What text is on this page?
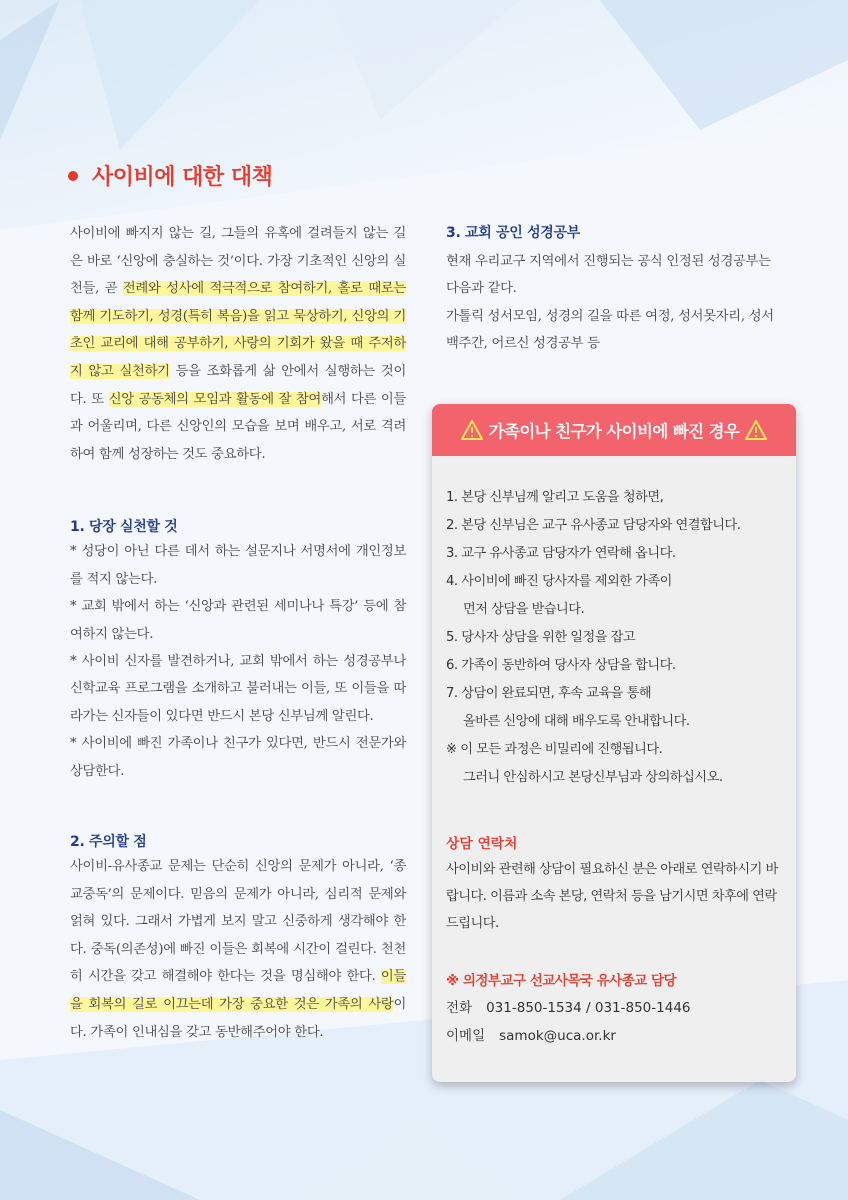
사이비에 대한 대책

사이비에 빠지지 않는 길, 그들의 유혹에 걸려들지 않는 길은 바로 ‘신앙에 충실하는 것’이다. 가장 기초적인 신앙의 실천들, 곧 전례와 성사에 적극적으로 참여하기, 홀로 때로는 함께 기도하기, 성경(특히 복음)을 읽고 묵상하기, 신앙의 기초인 교리에 대해 공부하기, 사랑의 기회가 왔을 때 주저하지 않고 실천하기 등을 조화롭게 삶 안에서 실행하는 것이다. 또 신앙 공동체의 모임과 활동에 잘 참여해서 다른 이들과 어울리며, 다른 신앙인의 모습을 보며 배우고, 서로 격려하여 함께 성장하는 것도 중요하다.

1. 당장 실천할 것

* 성당이 아닌 다른 데서 하는 설문지나 서명서에 개인정보를 적지 않는다.

* 교회 밖에서 하는 ‘신앙과 관련된 세미나나 특강’ 등에 참여하지 않는다.

* 사이비 신자를 발견하거나, 교회 밖에서 하는 성경공부나 신학교육 프로그램을 소개하고 불러내는 이들, 또 이들을 따라가는 신자들이 있다면 반드시 본당 신부님께 알린다.

* 사이비에 빠진 가족이나 친구가 있다면, 반드시 전문가와 상담한다.

2. 주의할 점

사이비-유사종교 문제는 단순히 신앙의 문제가 아니라, ‘종교중독’의 문제이다. 믿음의 문제가 아니라, 심리적 문제와 얽혀 있다. 그래서 가볍게 보지 말고 신중하게 생각해야 한다. 중독(의존성)에 빠진 이들은 회복에 시간이 걸린다. 천천히 시간을 갖고 해결해야 한다는 것을 명심해야 한다. 이들을 회복의 길로 이끄는데 가장 중요한 것은 가족의 사랑이다. 가족이 인내심을 갖고 동반해주어야 한다.

3. 교회 공인 성경공부

현재 우리교구 지역에서 진행되는 공식 인정된 성경공부는 다음과 같다.

가톨릭 성서모임, 성경의 길을 따른 여정, 성서못자리, 성서백주간, 어르신 성경공부 등

가족이나 친구가 사이비에 빠진 경우
1. 본당 신부님께 알리고 도움을 청하면,
2. 본당 신부님은 교구 유사종교 담당자와 연결합니다.
3. 교구 유사종교 담당자가 연락해 옵니다.
4. 사이비에 빠진 당사자를 제외한 가족이
먼저 상담을 받습니다.
5. 당사자 상담을 위한 일정을 잡고
6. 가족이 동반하여 당사자 상담을 합니다.
7. 상담이 완료되면, 후속 교육을 통해
올바른 신앙에 대해 배우도록 안내합니다.
※ 이 모든 과정은 비밀리에 진행됩니다.
그러니 안심하시고 본당신부님과 상의하십시오.
상담 연락처
사이비와 관련해 상담이 필요하신 분은 아래로 연락하시기 바랍니다. 이름과 소속 본당, 연락처 등을 남기시면 차후에 연락드립니다.
※ 의정부교구 선교사목국 유사종교 담당
전화 031-850-1534 / 031-850-1446
이메일 samok@uca.or.kr
